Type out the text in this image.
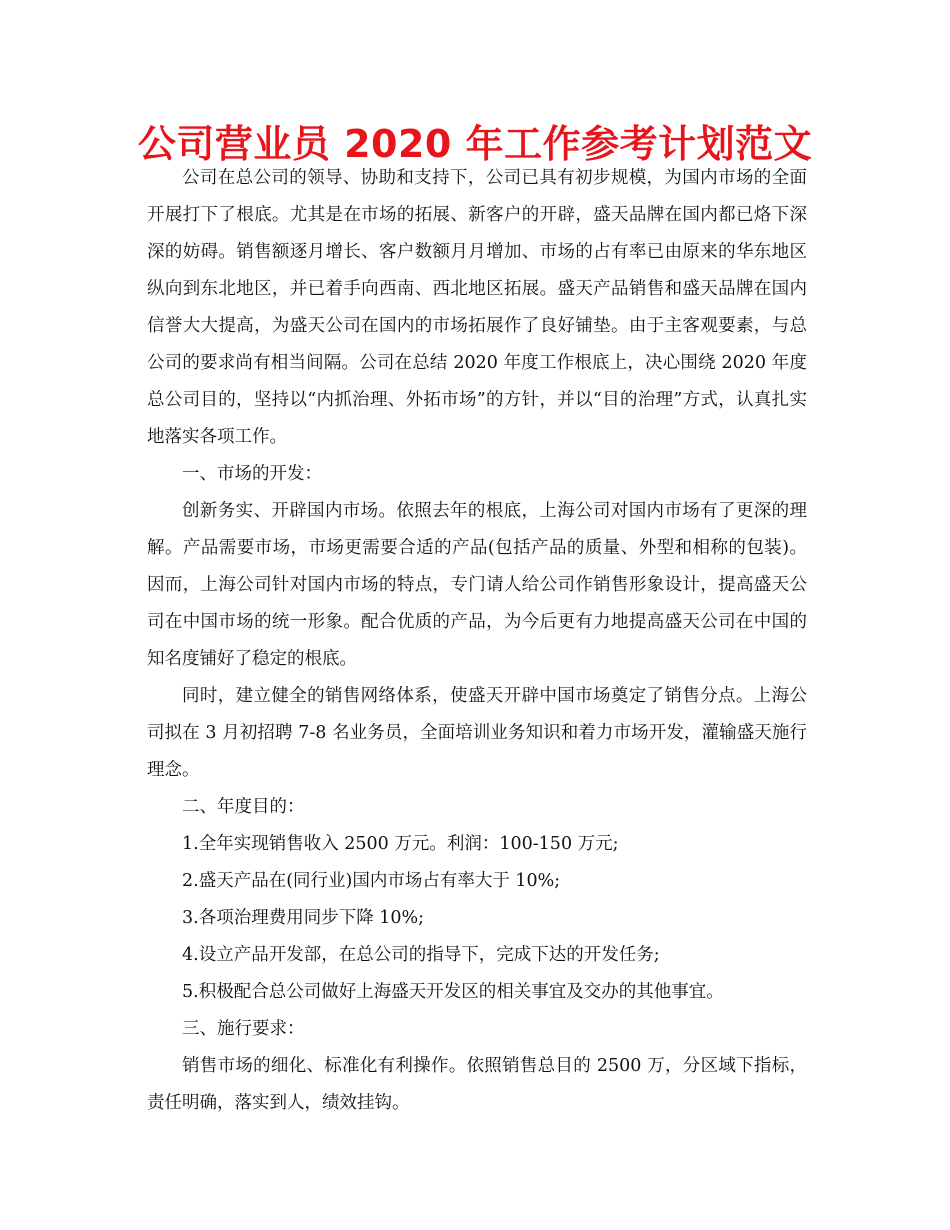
公司营业员 2020 年工作参考计划范文

公司在总公司的领导、协助和支持下，公司已具有初步规模，为国内市场的全面开展打下了根底。尤其是在市场的拓展、新客户的开辟，盛天品牌在国内都已烙下深深的妨碍。销售额逐月增长、客户数额月月增加、市场的占有率已由原来的华东地区纵向到东北地区，并已着手向西南、西北地区拓展。盛天产品销售和盛天品牌在国内信誉大大提高，为盛天公司在国内的市场拓展作了良好铺垫。由于主客观要素，与总公司的要求尚有相当间隔。公司在总结 2020 年度工作根底上，决心围绕 2020 年度总公司目的，坚持以“内抓治理、外拓市场”的方针，并以“目的治理”方式，认真扎实地落实各项工作。

一、市场的开发：

创新务实、开辟国内市场。依照去年的根底，上海公司对国内市场有了更深的理解。产品需要市场，市场更需要合适的产品(包括产品的质量、外型和相称的包装)。因而，上海公司针对国内市场的特点，专门请人给公司作销售形象设计，提高盛天公司在中国市场的统一形象。配合优质的产品，为今后更有力地提高盛天公司在中国的知名度铺好了稳定的根底。

同时，建立健全的销售网络体系，使盛天开辟中国市场奠定了销售分点。上海公司拟在 3 月初招聘 7-8 名业务员，全面培训业务知识和着力市场开发，灌输盛天施行理念。

二、年度目的：

1.全年实现销售收入 2500 万元。利润：100-150 万元;

2.盛天产品在(同行业)国内市场占有率大于 10%;

3.各项治理费用同步下降 10%;

4.设立产品开发部，在总公司的指导下，完成下达的开发任务;

5.积极配合总公司做好上海盛天开发区的相关事宜及交办的其他事宜。

三、施行要求：

销售市场的细化、标准化有利操作。依照销售总目的 2500 万，分区域下指标，责任明确，落实到人，绩效挂钩。
